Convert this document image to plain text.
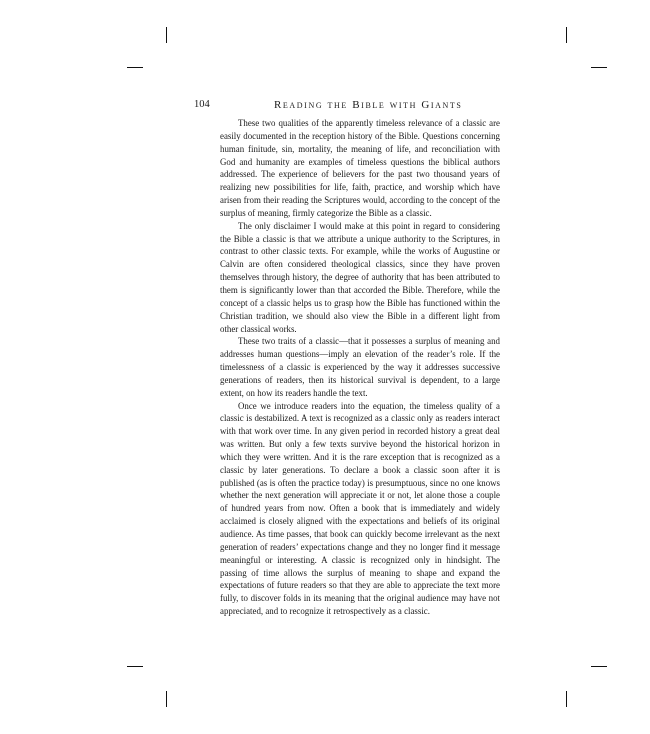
104	Reading the Bible with Giants

These two qualities of the apparently timeless relevance of a classic are easily documented in the reception history of the Bible. Questions concerning human finitude, sin, mortality, the meaning of life, and reconciliation with God and humanity are examples of timeless questions the biblical authors addressed. The experience of believers for the past two thousand years of realizing new possibilities for life, faith, practice, and worship which have arisen from their reading the Scriptures would, according to the concept of the surplus of meaning, firmly categorize the Bible as a classic.

The only disclaimer I would make at this point in regard to considering the Bible a classic is that we attribute a unique authority to the Scriptures, in contrast to other classic texts. For example, while the works of Augustine or Calvin are often considered theological classics, since they have proven themselves through history, the degree of authority that has been attributed to them is significantly lower than that accorded the Bible. Therefore, while the concept of a classic helps us to grasp how the Bible has functioned within the Christian tradition, we should also view the Bible in a different light from other classical works.

These two traits of a classic—that it possesses a surplus of meaning and addresses human questions—imply an elevation of the reader’s role. If the timelessness of a classic is experienced by the way it addresses successive generations of readers, then its historical survival is dependent, to a large extent, on how its readers handle the text.

Once we introduce readers into the equation, the timeless quality of a classic is destabilized. A text is recognized as a classic only as readers interact with that work over time. In any given period in recorded history a great deal was written. But only a few texts survive beyond the historical horizon in which they were written. And it is the rare exception that is recognized as a classic by later generations. To declare a book a classic soon after it is published (as is often the practice today) is presumptuous, since no one knows whether the next generation will appreciate it or not, let alone those a couple of hundred years from now. Often a book that is immediately and widely acclaimed is closely aligned with the expectations and beliefs of its original audience. As time passes, that book can quickly become irrelevant as the next generation of readers’ expectations change and they no longer find it message meaningful or interesting. A classic is recognized only in hindsight. The passing of time allows the surplus of meaning to shape and expand the expectations of future readers so that they are able to appreciate the text more fully, to discover folds in its meaning that the original audience may have not appreciated, and to recognize it retrospectively as a classic.
